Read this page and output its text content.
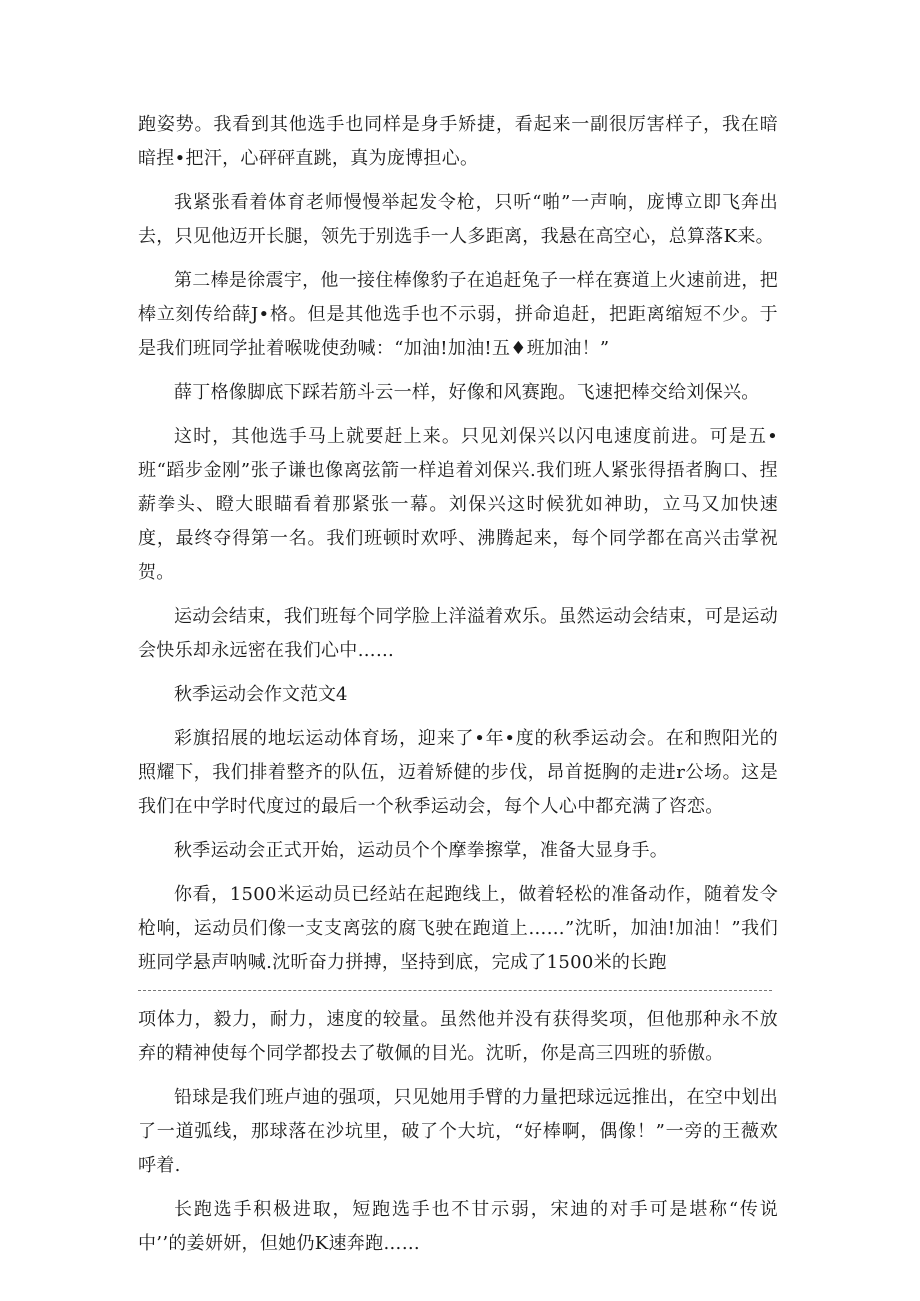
跑姿势。我看到其他选手也同样是身手矫捷，看起来一副很厉害样子，我在暗暗捏•把汗，心砰砰直跳，真为庞博担心。

我紧张看着体育老师慢慢举起发令枪，只听“啪”一声响，庞博立即飞奔出去，只见他迈开长腿，领先于别选手一人多距离，我悬在高空心，总算落K来。

第二棒是徐震宇，他一接住棒像豹子在追赶兔子一样在赛道上火速前进，把棒立刻传给薛J•格。但是其他选手也不示弱，拼命追赶，把距离缩短不少。于是我们班同学扯着喉咙使劲喊：“加油!加油!五♦班加油！”

薛丁格像脚底下踩若筋斗云一样，好像和风赛跑。飞速把棒交给刘保兴。

这时，其他选手马上就要赶上来。只见刘保兴以闪电速度前进。可是五•班“蹈步金刚”张子谦也像离弦箭一样追着刘保兴.我们班人紧张得捂者胸口、捏薪拳头、瞪大眼瞄看着那紧张一幕。刘保兴这时候犹如神助，立马又加快速度，最终夺得第一名。我们班顿时欢呼、沸腾起来，每个同学都在高兴击掌祝贺。

运动会结束，我们班每个同学脸上洋溢着欢乐。虽然运动会结束，可是运动会快乐却永远密在我们心中……

秋季运动会作文范文4

彩旗招展的地坛运动体育场，迎来了•年•度的秋季运动会。在和煦阳光的照耀下，我们排着整齐的队伍，迈着矫健的步伐，昂首挺胸的走进r公场。这是我们在中学时代度过的最后一个秋季运动会，每个人心中都充满了咨恋。

秋季运动会正式开始，运动员个个摩拳擦掌，准备大显身手。

你看，1500米运动员已经站在起跑线上，做着轻松的准备动作，随着发令枪响，运动员们像一支支离弦的腐飞驶在跑道上……”沈昕，加油!加油！”我们班同学悬声呐喊.沈昕奋力拼搏，坚持到底，完成了1500米的长跑

项体力，毅力，耐力，速度的较量。虽然他并没有获得奖项，但他那种永不放弃的精神使每个同学都投去了敬佩的目光。沈昕，你是高三四班的骄傲。

铅球是我们班卢迪的强项，只见她用手臂的力量把球远远推出，在空中划出了一道弧线，那球落在沙坑里，破了个大坑，“好棒啊，偶像！”一旁的王薇欢呼着.

长跑选手积极进取，短跑选手也不甘示弱，宋迪的对手可是堪称“传说中’’的姜妍妍，但她仍K速奔跑……
